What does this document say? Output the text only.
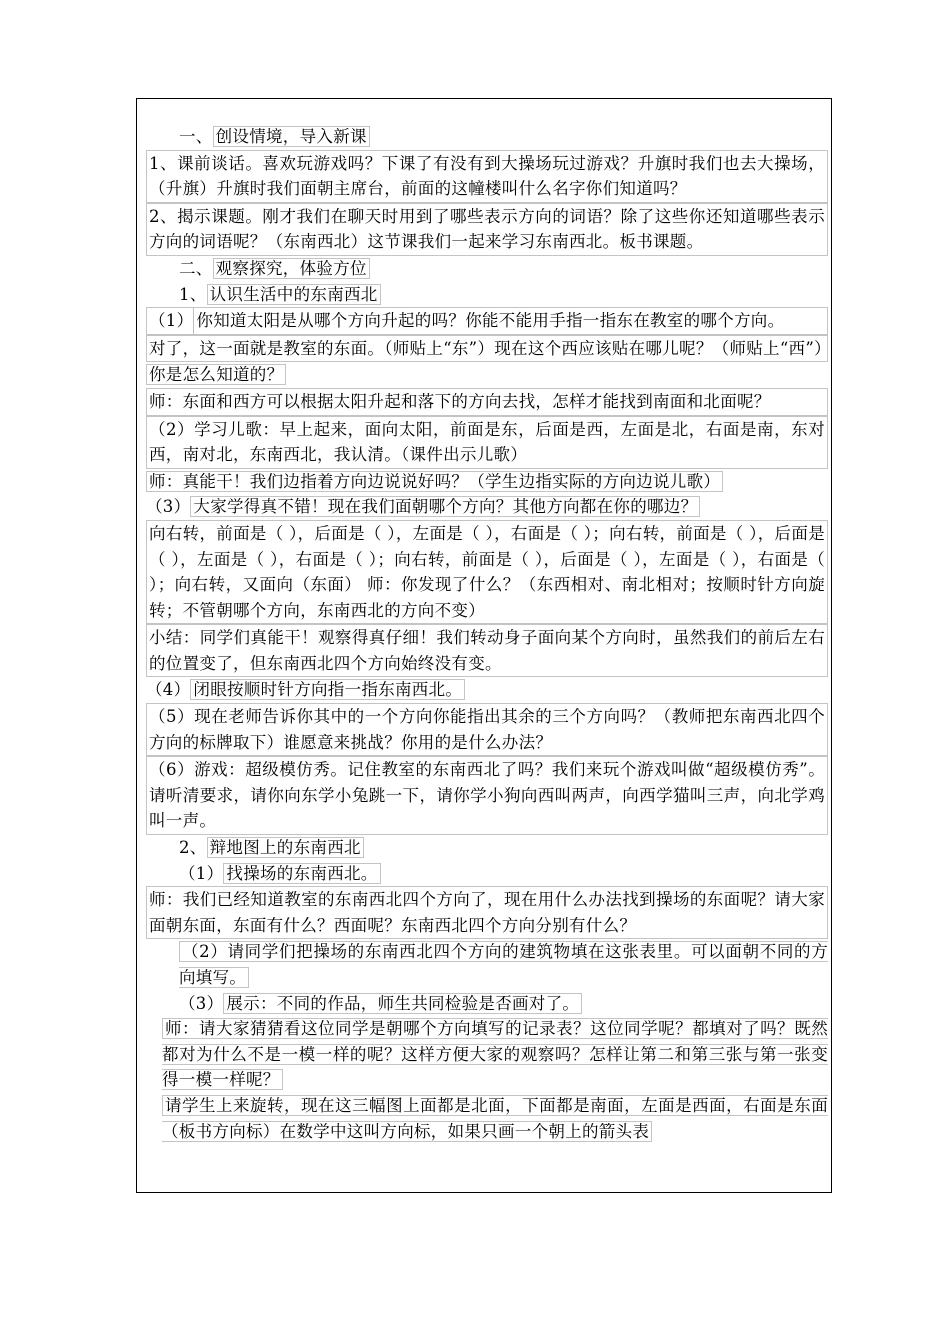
一、 创设情境，导入新课

1、课前谈话。喜欢玩游戏吗？下课了有没有到大操场玩过游戏？升旗时我们也去大操场，（升旗）升旗时我们面朝主席台，前面的这幢楼叫什么名字你们知道吗？

2、揭示课题。刚才我们在聊天时用到了哪些表示方向的词语？除了这些你还知道哪些表示方向的词语呢？（东南西北）这节课我们一起来学习东南西北。板书课题。

二、 观察探究，体验方位

1、 认识生活中的东南西北

（1） 你知道太阳是从哪个方向升起的吗？你能不能用手指一指东在教室的哪个方向。

对了，这一面就是教室的东面。（师贴上“东”）现在这个西应该贴在哪儿呢？（师贴上“西”）

你是怎么知道的？

师：东面和西方可以根据太阳升起和落下的方向去找，怎样才能找到南面和北面呢？

（2）学习儿歌：早上起来，面向太阳，前面是东，后面是西，左面是北，右面是南，东对西，南对北，东南西北，我认清。（课件出示儿歌）

师：真能干！我们边指着方向边说说好吗？（学生边指实际的方向边说儿歌）

（3） 大家学得真不错！现在我们面朝哪个方向？其他方向都在你的哪边？

向右转，前面是（ ），后面是（ ），左面是（ ），右面是（ ）；向右转，前面是（ ），后面是（ ），左面是（ ），右面是（ ）；向右转，前面是（ ），后面是（ ），左面是（ ），右面是（ ）；向右转，又面向（东面） 师：你发现了什么？（东西相对、南北相对；按顺时针方向旋转；不管朝哪个方向，东南西北的方向不变）

小结：同学们真能干！观察得真仔细！我们转动身子面向某个方向时，虽然我们的前后左右的位置变了，但东南西北四个方向始终没有变。

（4） 闭眼按顺时针方向指一指东南西北。

（5）现在老师告诉你其中的一个方向你能指出其余的三个方向吗？（教师把东南西北四个方向的标牌取下）谁愿意来挑战？你用的是什么办法？

（6）游戏：超级模仿秀。记住教室的东南西北了吗？我们来玩个游戏叫做“超级模仿秀”。请听清要求，请你向东学小兔跳一下，请你学小狗向西叫两声，向西学猫叫三声，向北学鸡叫一声。

2、 辩地图上的东南西北

（1） 找操场的东南西北。

师：我们已经知道教室的东南西北四个方向了，现在用什么办法找到操场的东面呢？请大家面朝东面，东面有什么？西面呢？东南西北四个方向分别有什么？

（2）请同学们把操场的东南西北四个方向的建筑物填在这张表里。可以面朝不同的方向填写。

（3） 展示：不同的作品，师生共同检验是否画对了。

师：请大家猜猜看这位同学是朝哪个方向填写的记录表？这位同学呢？都填对了吗？既然都对为什么不是一模一样的呢？这样方便大家的观察吗？怎样让第二和第三张与第一张变得一模一样呢？

请学生上来旋转，现在这三幅图上面都是北面，下面都是南面，左面是西面，右面是东面（板书方向标）在数学中这叫方向标，如果只画一个朝上的箭头表
